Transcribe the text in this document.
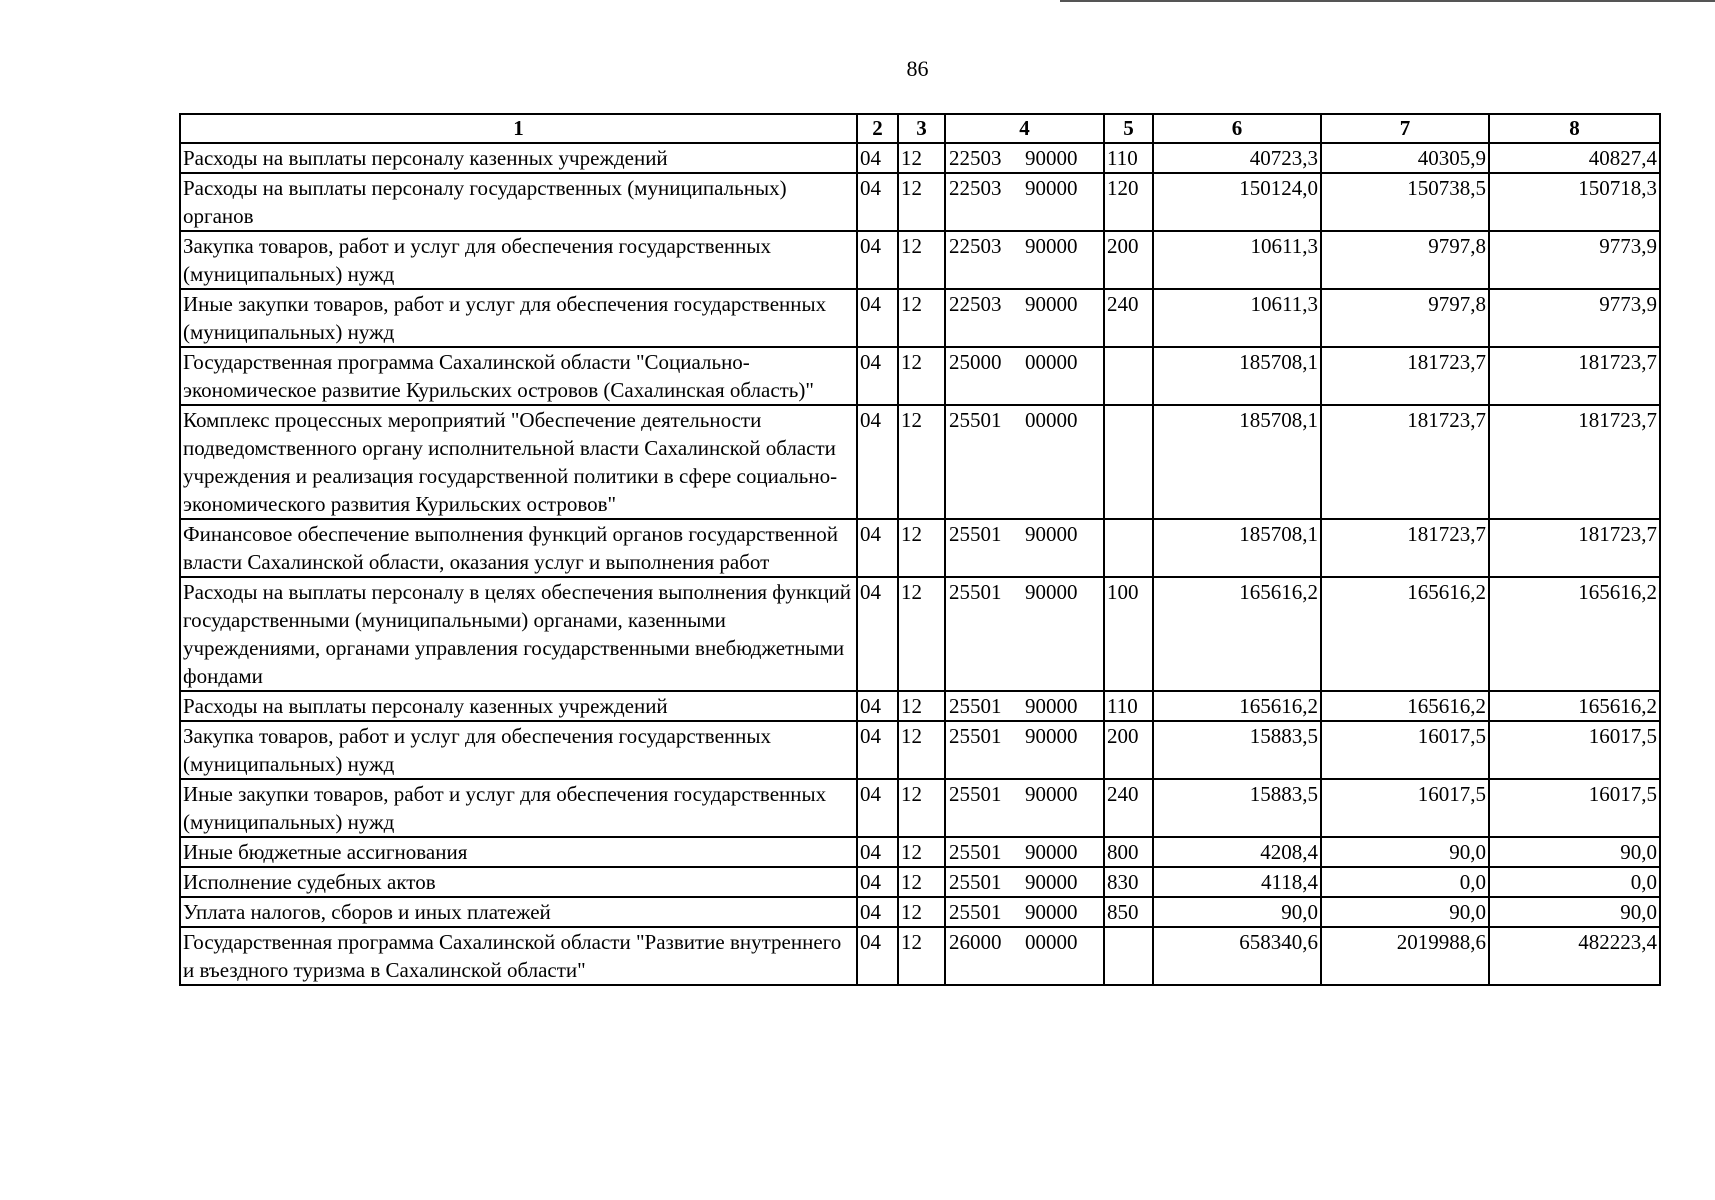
86
1	2	3	4	5	6	7	8
Расходы на выплаты персоналу казенных учреждений	04	12	22503 90000	110	40723,3	40305,9	40827,4
Расходы на выплаты персоналу государственных (муниципальных) органов	04	12	22503 90000	120	150124,0	150738,5	150718,3
Закупка товаров, работ и услуг для обеспечения государственных (муниципальных) нужд	04	12	22503 90000	200	10611,3	9797,8	9773,9
Иные закупки товаров, работ и услуг для обеспечения государственных (муниципальных) нужд	04	12	22503 90000	240	10611,3	9797,8	9773,9
Государственная программа Сахалинской области "Социально-экономическое развитие Курильских островов (Сахалинская область)"	04	12	25000 00000		185708,1	181723,7	181723,7
Комплекс процессных мероприятий "Обеспечение деятельности подведомственного органу исполнительной власти Сахалинской области учреждения и реализация государственной политики в сфере социально-экономического развития Курильских островов"	04	12	25501 00000		185708,1	181723,7	181723,7
Финансовое обеспечение выполнения функций органов государственной власти Сахалинской области, оказания услуг и выполнения работ	04	12	25501 90000		185708,1	181723,7	181723,7
Расходы на выплаты персоналу в целях обеспечения выполнения функций государственными (муниципальными) органами, казенными учреждениями, органами управления государственными внебюджетными фондами	04	12	25501 90000	100	165616,2	165616,2	165616,2
Расходы на выплаты персоналу казенных учреждений	04	12	25501 90000	110	165616,2	165616,2	165616,2
Закупка товаров, работ и услуг для обеспечения государственных (муниципальных) нужд	04	12	25501 90000	200	15883,5	16017,5	16017,5
Иные закупки товаров, работ и услуг для обеспечения государственных (муниципальных) нужд	04	12	25501 90000	240	15883,5	16017,5	16017,5
Иные бюджетные ассигнования	04	12	25501 90000	800	4208,4	90,0	90,0
Исполнение судебных актов	04	12	25501 90000	830	4118,4	0,0	0,0
Уплата налогов, сборов и иных платежей	04	12	25501 90000	850	90,0	90,0	90,0
Государственная программа Сахалинской области "Развитие внутреннего и въездного туризма в Сахалинской области"	04	12	26000 00000		658340,6	2019988,6	482223,4
